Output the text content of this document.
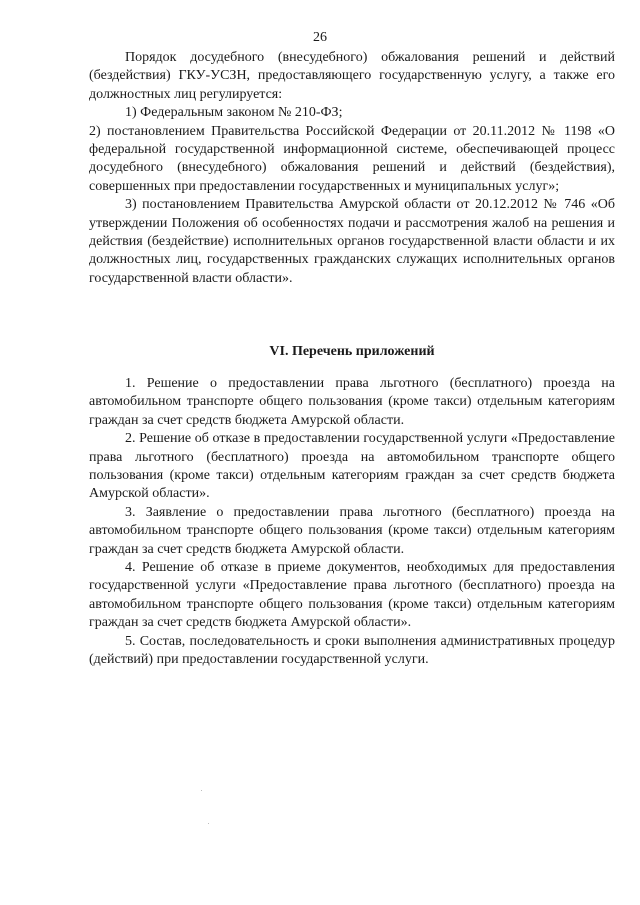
26

Порядок досудебного (внесудебного) обжалования решений и действий (бездействия) ГКУ-УСЗН, предоставляющего государственную услугу, а также его должностных лиц регулируется:

1) Федеральным законом № 210-ФЗ;

2) постановлением Правительства Российской Федерации от 20.11.2012 № 1198 «О федеральной государственной информационной системе, обеспечивающей процесс досудебного (внесудебного) обжалования решений и действий (бездействия), совершенных при предоставлении государственных и муниципальных услуг»;

3) постановлением Правительства Амурской области от 20.12.2012 № 746 «Об утверждении Положения об особенностях подачи и рассмотрения жалоб на решения и действия (бездействие) исполнительных органов государственной власти области и их должностных лиц, государственных гражданских служащих исполнительных органов государственной власти области».

VI. Перечень приложений

1. Решение о предоставлении права льготного (бесплатного) проезда на автомобильном транспорте общего пользования (кроме такси) отдельным категориям граждан за счет средств бюджета Амурской области.

2. Решение об отказе в предоставлении государственной услуги «Предоставление права льготного (бесплатного) проезда на автомобильном транспорте общего пользования (кроме такси) отдельным категориям граждан за счет средств бюджета Амурской области».

3. Заявление о предоставлении права льготного (бесплатного) проезда на автомобильном транспорте общего пользования (кроме такси) отдельным категориям граждан за счет средств бюджета Амурской области.

4. Решение об отказе в приеме документов, необходимых для предоставления государственной услуги «Предоставление права льготного (бесплатного) проезда на автомобильном транспорте общего пользования (кроме такси) отдельным категориям граждан за счет средств бюджета Амурской области».

5. Состав, последовательность и сроки выполнения административных процедур (действий) при предоставлении государственной услуги.
